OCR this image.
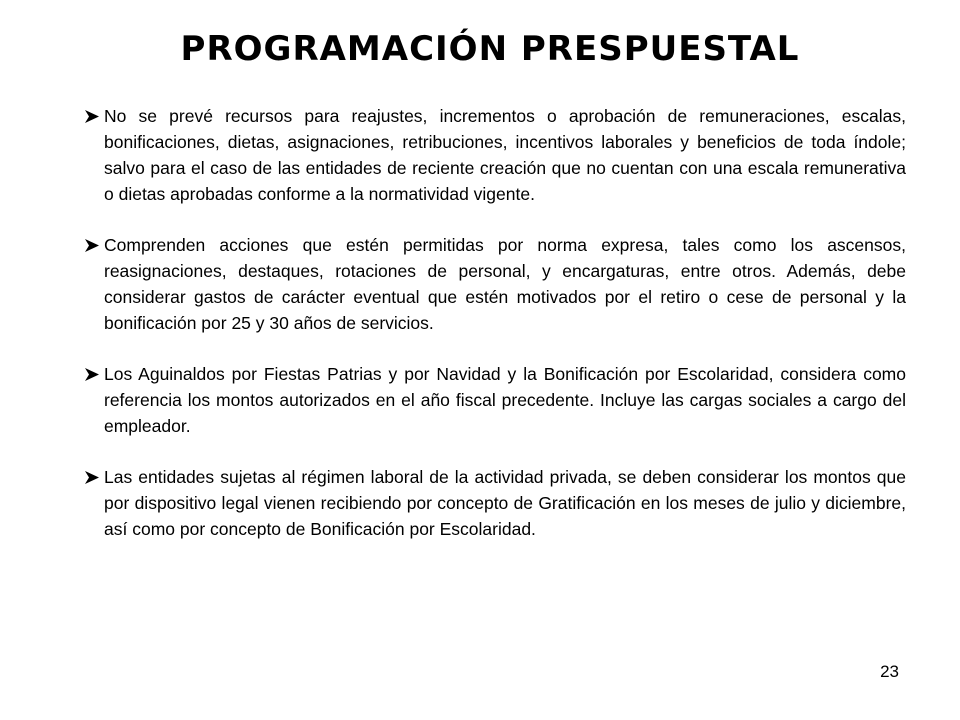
PROGRAMACIÓN PRESPUESTAL
No se prevé recursos para reajustes, incrementos o aprobación de remuneraciones, escalas, bonificaciones, dietas, asignaciones, retribuciones, incentivos laborales y beneficios de toda índole; salvo para el caso de las entidades de reciente creación que no cuentan con una escala remunerativa o dietas aprobadas conforme a la normatividad vigente.
Comprenden acciones que estén permitidas por norma expresa, tales como los ascensos, reasignaciones, destaques, rotaciones de personal, y encargaturas, entre otros. Además, debe considerar gastos de carácter eventual que estén motivados por el retiro o cese de personal y la bonificación por 25 y 30 años de servicios.
Los Aguinaldos por Fiestas Patrias y por Navidad y la Bonificación por Escolaridad, considera como referencia los montos autorizados en el año fiscal precedente. Incluye las cargas sociales a cargo del empleador.
Las entidades sujetas al régimen laboral de la actividad privada, se deben considerar los montos que por dispositivo legal vienen recibiendo por concepto de Gratificación en los meses de julio y diciembre, así como por concepto de Bonificación por Escolaridad.
23
